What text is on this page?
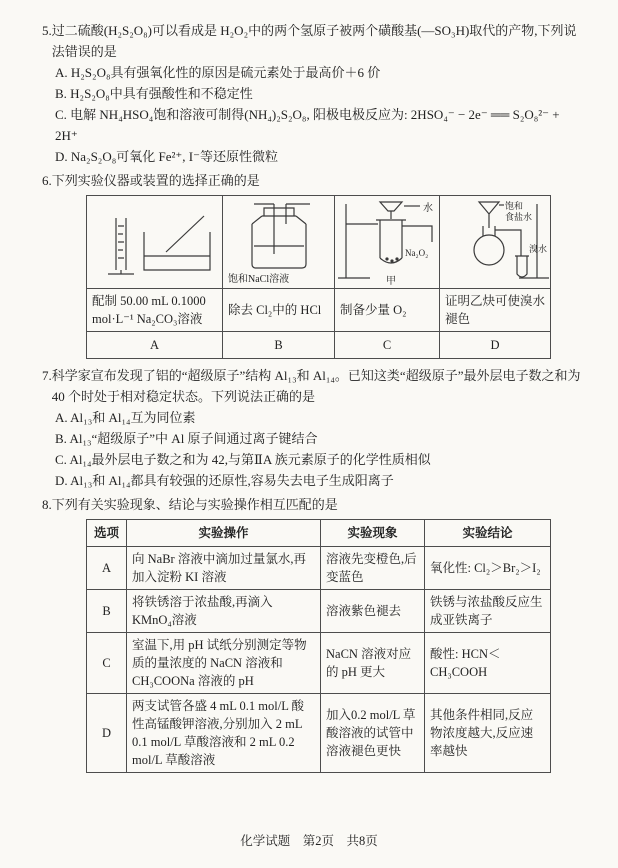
5. 过二硫酸(H₂S₂O₈)可以看成是 H₂O₂中的两个氢原子被两个磺酸基(—SO₃H)取代的产物,下列说法错误的是
A. H₂S₂O₈具有强氧化性的原因是硫元素处于最高价＋6 价
B. H₂S₂O₈中具有强酸性和不稳定性
C. 电解 NH₄HSO₄饱和溶液可制得(NH₄)₂S₂O₈, 阳极电极反应为: 2HSO₄⁻ − 2e⁻ ══ S₂O₈²⁻ + 2H⁺
D. Na₂S₂O₈可氧化 Fe²⁺, I⁻等还原性微粒
6. 下列实验仪器或装置的选择正确的是

饱和NaCl溶液	水
Na₂O₂
甲	饱和
食盐水
溴水

配制 50.00 mL 0.1000 mol·L⁻¹ Na₂CO₃溶液	除去 Cl₂中的 HCl	制备少量 O₂	证明乙炔可使溴水褪色
A	B	C	D
7. 科学家宣布发现了铝的“超级原子”结构 Al₁₃和 Al₁₄。已知这类“超级原子”最外层电子数之和为 40 个时处于相对稳定状态。下列说法正确的是
A. Al₁₃和 Al₁₄互为同位素
B. Al₁₃“超级原子”中 Al 原子间通过离子键结合
C. Al₁₄最外层电子数之和为 42,与第ⅡA 族元素原子的化学性质相似
D. Al₁₃和 Al₁₄都具有较强的还原性,容易失去电子生成阳离子
8. 下列有关实验现象、结论与实验操作相互匹配的是
选项	实验操作	实验现象	实验结论
A	向 NaBr 溶液中滴加过量氯水,再加入淀粉 KI 溶液	溶液先变橙色,后变蓝色	氧化性: Cl₂＞Br₂＞I₂
B	将铁锈溶于浓盐酸,再滴入 KMnO₄溶液	溶液紫色褪去	铁锈与浓盐酸反应生成亚铁离子
C	室温下,用 pH 试纸分别测定等物质的量浓度的 NaCN 溶液和 CH₃COONa 溶液的 pH	NaCN 溶液对应的 pH 更大	酸性: HCN＜CH₃COOH
D	两支试管各盛 4 mL 0.1 mol/L 酸性高锰酸钾溶液,分别加入 2 mL 0.1 mol/L 草酸溶液和 2 mL 0.2 mol/L 草酸溶液	加入0.2 mol/L 草酸溶液的试管中溶液褪色更快	其他条件相同,反应物浓度越大,反应速率越快
化学试题　第2页　共8页
